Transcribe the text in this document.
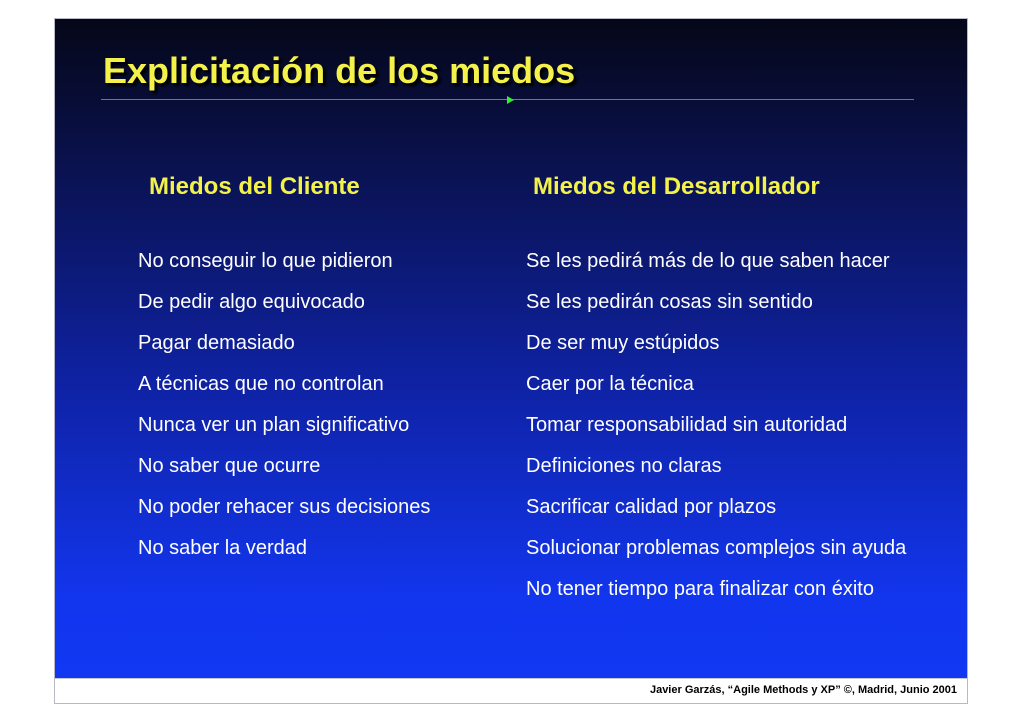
Explicitación de los miedos
Miedos del Cliente	Miedos del Desarrollador
No conseguir lo que pidieron
De pedir algo equivocado
Pagar demasiado
A técnicas que no controlan
Nunca ver un plan significativo
No saber que ocurre
No poder rehacer sus decisiones
No saber la verdad
Se les pedirá más de lo que saben hacer
Se les pedirán cosas sin sentido
De ser muy estúpidos
Caer por la técnica
Tomar responsabilidad sin autoridad
Definiciones no claras
Sacrificar calidad por plazos
Solucionar problemas complejos sin ayuda
No tener tiempo para finalizar con éxito
Javier Garzás, “Agile Methods y XP” ©, Madrid, Junio 2001
